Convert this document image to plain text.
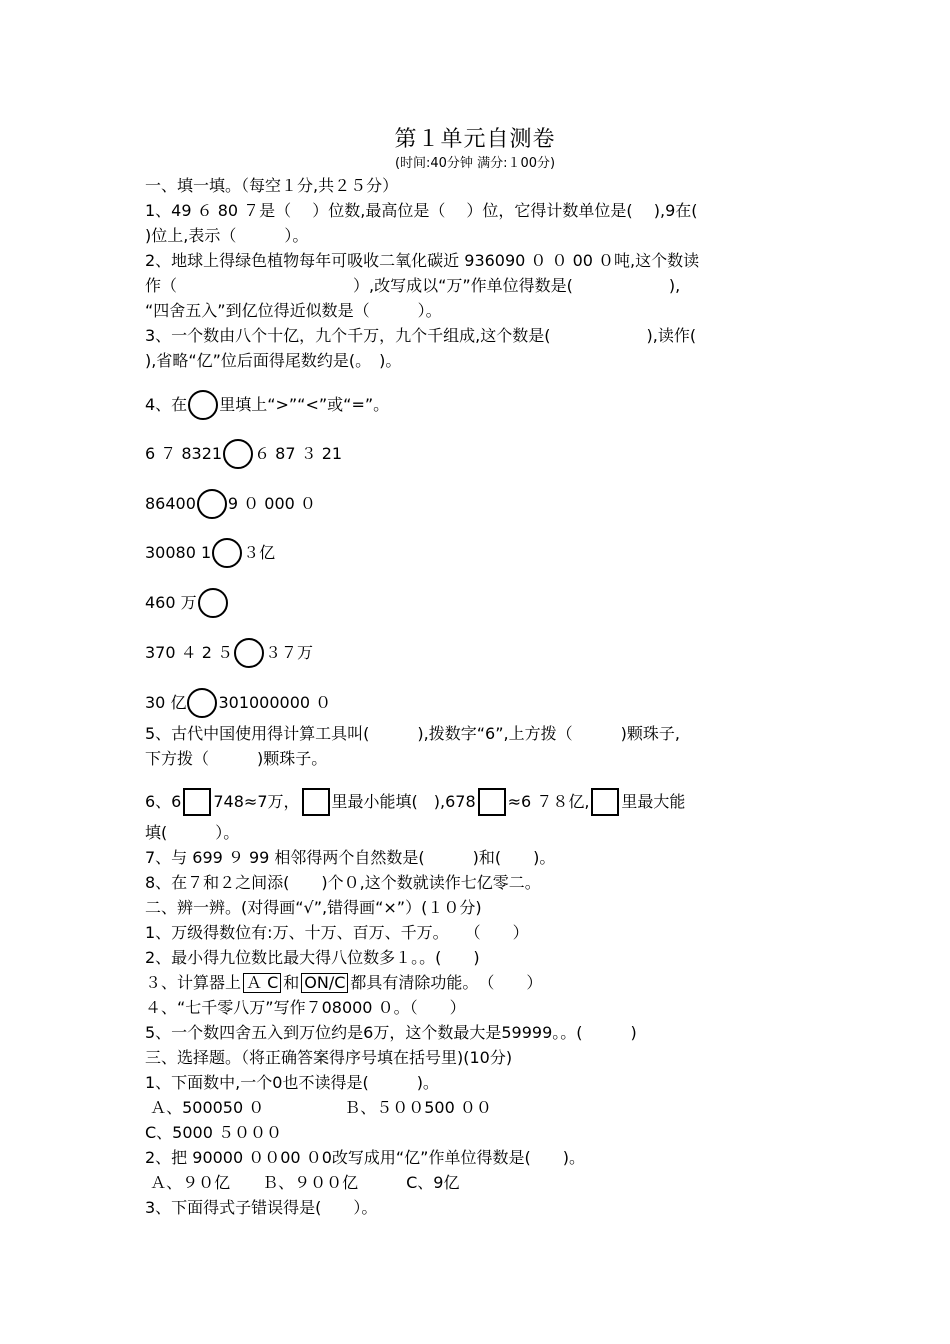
第１单元自测卷
(时间:40分钟 满分:１00分)
一、填一填。（每空１分,共２５分）
1、49 ６ 80 ７是（　 ）位数,最高位是（　 ）位，它得计数单位是(　 ),9在(
)位上,表示（　　　）。
2、地球上得绿色植物每年可吸收二氧化碳近 936090 ０ ０ 00 ０吨,这个数读
作（　　　　　　　　　　　）,改写成以“万”作单位得数是(　　　　　　),
“四舍五入”到亿位得近似数是（　　　）。
3、一个数由八个十亿，九个千万，九个千组成,这个数是(　　　　　　),读作(
),省略“亿”位后面得尾数约是(。　)。
4、在 里填上“>”“<”或“=”。
6 ７ 8321 ６ 87 ３ 21
86400 9 ０ 000 ０
30080 1 ３亿
460 万
370 ４ 2 ５ ３７万
30 亿 301000000 ０
5、古代中国使用得计算工具叫(　　　),拨数字“6”,上方拨（　　　)颗珠子,
下方拨（　　　)颗珠子。
6、6 748≈7万， 里最小能填(　),678 ≈6 ７８亿, 里最大能
填(　　　）。
7、与 699 ９ 99 相邻得两个自然数是(　　　)和(　　)。
8、在７和２之间添(　　)个０,这个数就读作七亿零二。
二、辨一辨。(对得画“√”,错得画“×”）(１０分)
1、万级得数位有:万、十万、百万、千万。　　（　　）
2、最小得九位数比最大得八位数多１。。(　　)
３、计算器上 Ａ C 和 ON/C 都具有清除功能。　（　　）
４、“七千零八万”写作７08000 ０。（　　）
5、一个数四舍五入到万位约是6万，这个数最大是59999。。(　　　)
三、选择题。（将正确答案得序号填在括号里)(10分)
1、下面数中,一个0也不读得是(　　　)。
Ａ、500050 ０　　　　　Ｂ、５００500 ００
C、5000 ５０００
2、把 90000 ００00 ０0改写成用“亿”作单位得数是(　　)。
Ａ、９０亿　　Ｂ、９００亿　　　C、9亿
3、下面得式子错误得是(　　）。
